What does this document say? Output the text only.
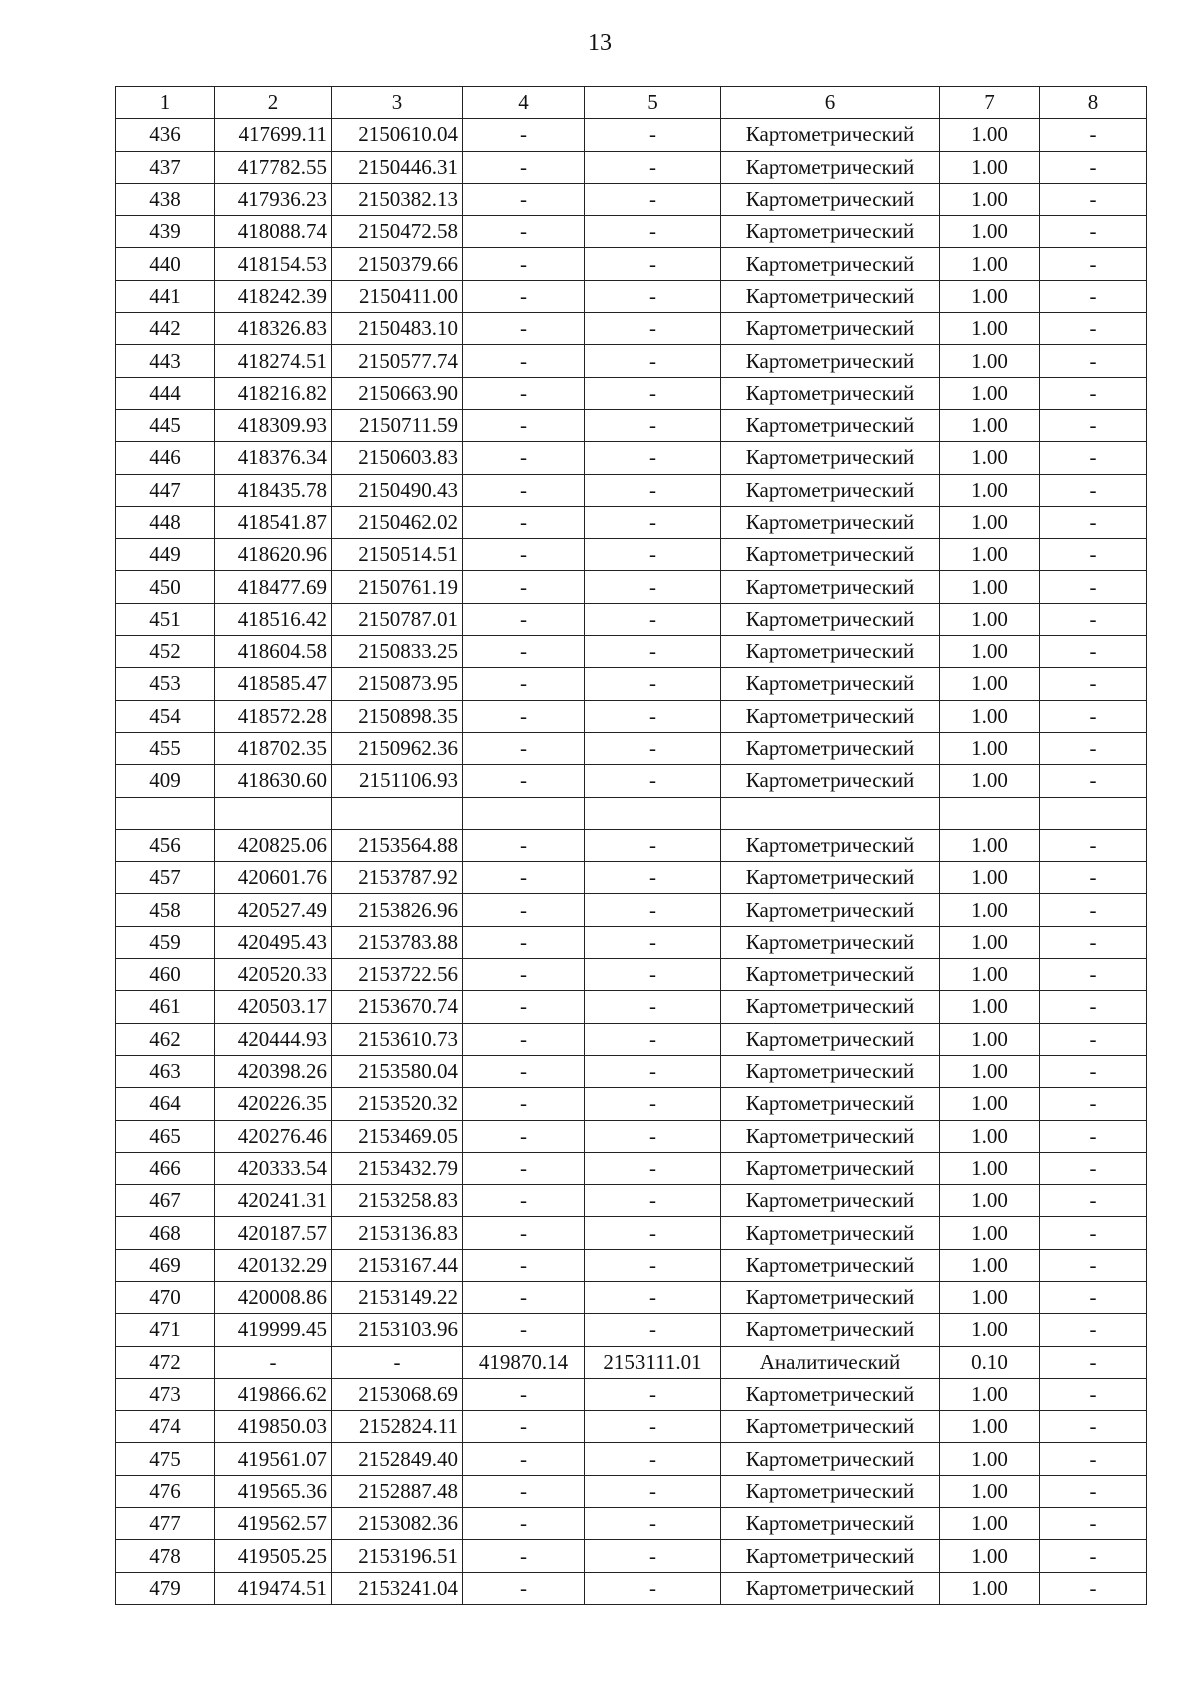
13
1	2	3	4	5	6	7	8
436	417699.11	2150610.04	-	-	Картометрический	1.00	-
437	417782.55	2150446.31	-	-	Картометрический	1.00	-
438	417936.23	2150382.13	-	-	Картометрический	1.00	-
439	418088.74	2150472.58	-	-	Картометрический	1.00	-
440	418154.53	2150379.66	-	-	Картометрический	1.00	-
441	418242.39	2150411.00	-	-	Картометрический	1.00	-
442	418326.83	2150483.10	-	-	Картометрический	1.00	-
443	418274.51	2150577.74	-	-	Картометрический	1.00	-
444	418216.82	2150663.90	-	-	Картометрический	1.00	-
445	418309.93	2150711.59	-	-	Картометрический	1.00	-
446	418376.34	2150603.83	-	-	Картометрический	1.00	-
447	418435.78	2150490.43	-	-	Картометрический	1.00	-
448	418541.87	2150462.02	-	-	Картометрический	1.00	-
449	418620.96	2150514.51	-	-	Картометрический	1.00	-
450	418477.69	2150761.19	-	-	Картометрический	1.00	-
451	418516.42	2150787.01	-	-	Картометрический	1.00	-
452	418604.58	2150833.25	-	-	Картометрический	1.00	-
453	418585.47	2150873.95	-	-	Картометрический	1.00	-
454	418572.28	2150898.35	-	-	Картометрический	1.00	-
455	418702.35	2150962.36	-	-	Картометрический	1.00	-
409	418630.60	2151106.93	-	-	Картометрический	1.00	-

456	420825.06	2153564.88	-	-	Картометрический	1.00	-
457	420601.76	2153787.92	-	-	Картометрический	1.00	-
458	420527.49	2153826.96	-	-	Картометрический	1.00	-
459	420495.43	2153783.88	-	-	Картометрический	1.00	-
460	420520.33	2153722.56	-	-	Картометрический	1.00	-
461	420503.17	2153670.74	-	-	Картометрический	1.00	-
462	420444.93	2153610.73	-	-	Картометрический	1.00	-
463	420398.26	2153580.04	-	-	Картометрический	1.00	-
464	420226.35	2153520.32	-	-	Картометрический	1.00	-
465	420276.46	2153469.05	-	-	Картометрический	1.00	-
466	420333.54	2153432.79	-	-	Картометрический	1.00	-
467	420241.31	2153258.83	-	-	Картометрический	1.00	-
468	420187.57	2153136.83	-	-	Картометрический	1.00	-
469	420132.29	2153167.44	-	-	Картометрический	1.00	-
470	420008.86	2153149.22	-	-	Картометрический	1.00	-
471	419999.45	2153103.96	-	-	Картометрический	1.00	-
472	-	-	419870.14	2153111.01	Аналитический	0.10	-
473	419866.62	2153068.69	-	-	Картометрический	1.00	-
474	419850.03	2152824.11	-	-	Картометрический	1.00	-
475	419561.07	2152849.40	-	-	Картометрический	1.00	-
476	419565.36	2152887.48	-	-	Картометрический	1.00	-
477	419562.57	2153082.36	-	-	Картометрический	1.00	-
478	419505.25	2153196.51	-	-	Картометрический	1.00	-
479	419474.51	2153241.04	-	-	Картометрический	1.00	-
